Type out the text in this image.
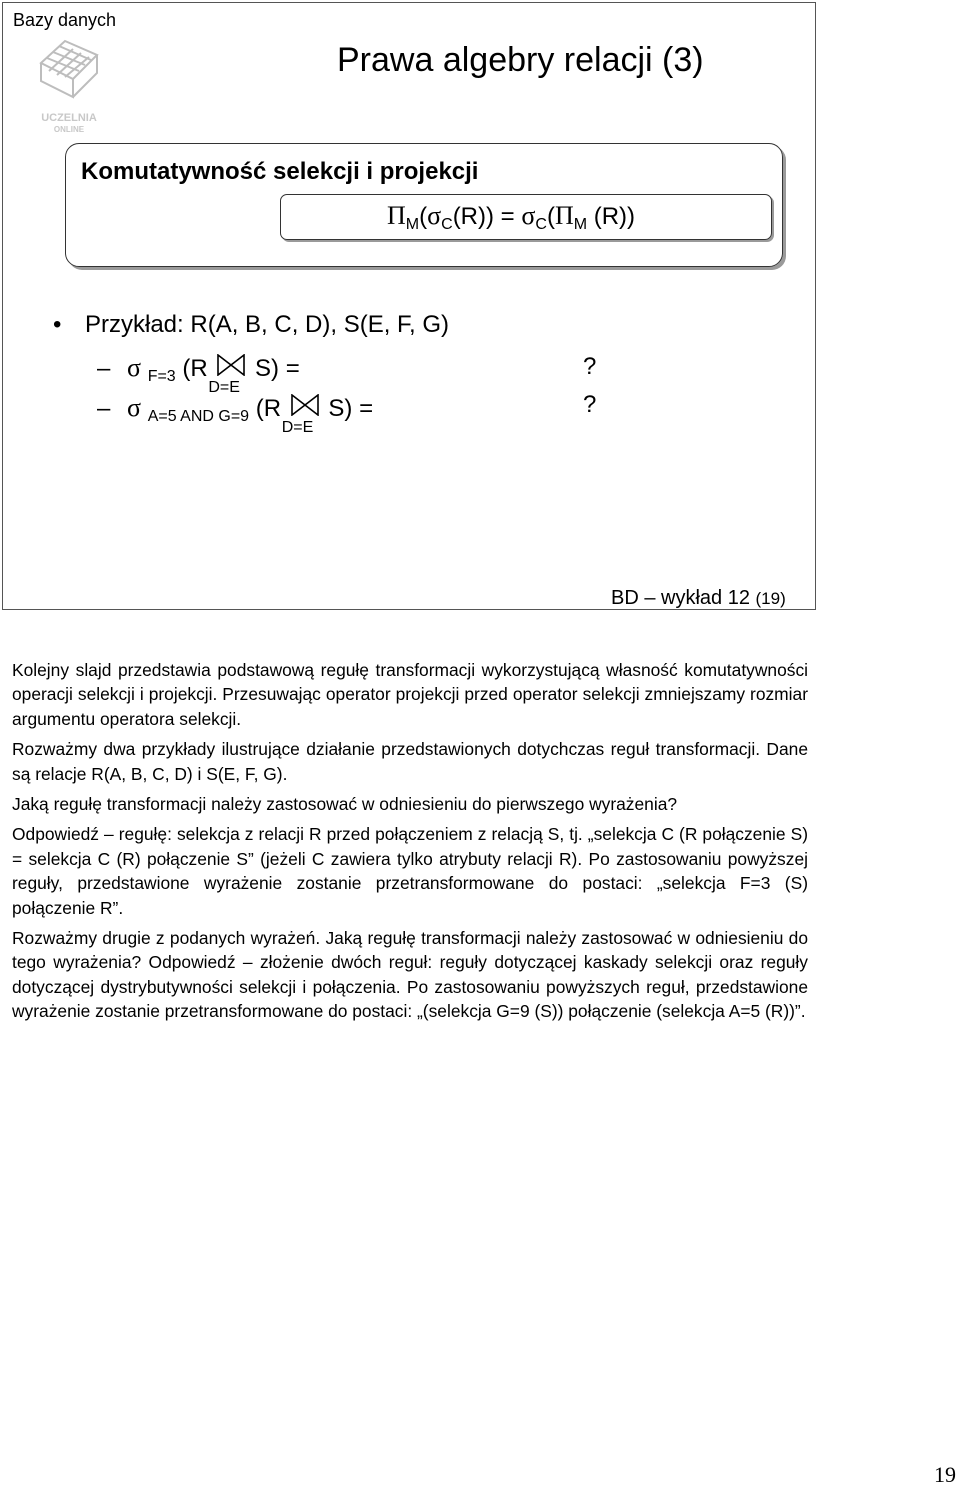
Bazy danych
UCZELNIA
ONLINE
Prawa algebry relacji (3)
Komutatywność selekcji i projekcji
$\Pi_M(\sigma_C(R)) = \sigma_C(\Pi_M$ (R))
• Przykład: R(A, B, C, D), S(E, F, G)
– σ $_{F=3}$ (R
D=E
S) =	?
– σ $_{A=5 AND G=9}$ (R
D=E
S) =	?
BD – wykład 12 (19)

Kolejny slajd przedstawia podstawową regułę transformacji wykorzystującą własność komutatywności operacji selekcji i projekcji. Przesuwając operator projekcji przed operator selekcji zmniejszamy rozmiar argumentu operatora selekcji.

Rozważmy dwa przykłady ilustrujące działanie przedstawionych dotychczas reguł transformacji. Dane są relacje R(A, B, C, D) i S(E, F, G).

Jaką regułę transformacji należy zastosować w odniesieniu do pierwszego wyrażenia?

Odpowiedź – regułę: selekcja z relacji R przed połączeniem z relacją S, tj. „selekcja C (R połączenie S) = selekcja C (R) połączenie S” (jeżeli C zawiera tylko atrybuty relacji R). Po zastosowaniu powyższej reguły, przedstawione wyrażenie zostanie przetransformowane do postaci: „selekcja F=3 (S) połączenie R”.

Rozważmy drugie z podanych wyrażeń. Jaką regułę transformacji należy zastosować w odniesieniu do tego wyrażenia? Odpowiedź – złożenie dwóch reguł: reguły dotyczącej kaskady selekcji oraz reguły dotyczącej dystrybutywności selekcji i połączenia. Po zastosowaniu powyższych reguł, przedstawione wyrażenie zostanie przetransformowane do postaci: „(selekcja G=9 (S)) połączenie (selekcja A=5 (R))”.

19
